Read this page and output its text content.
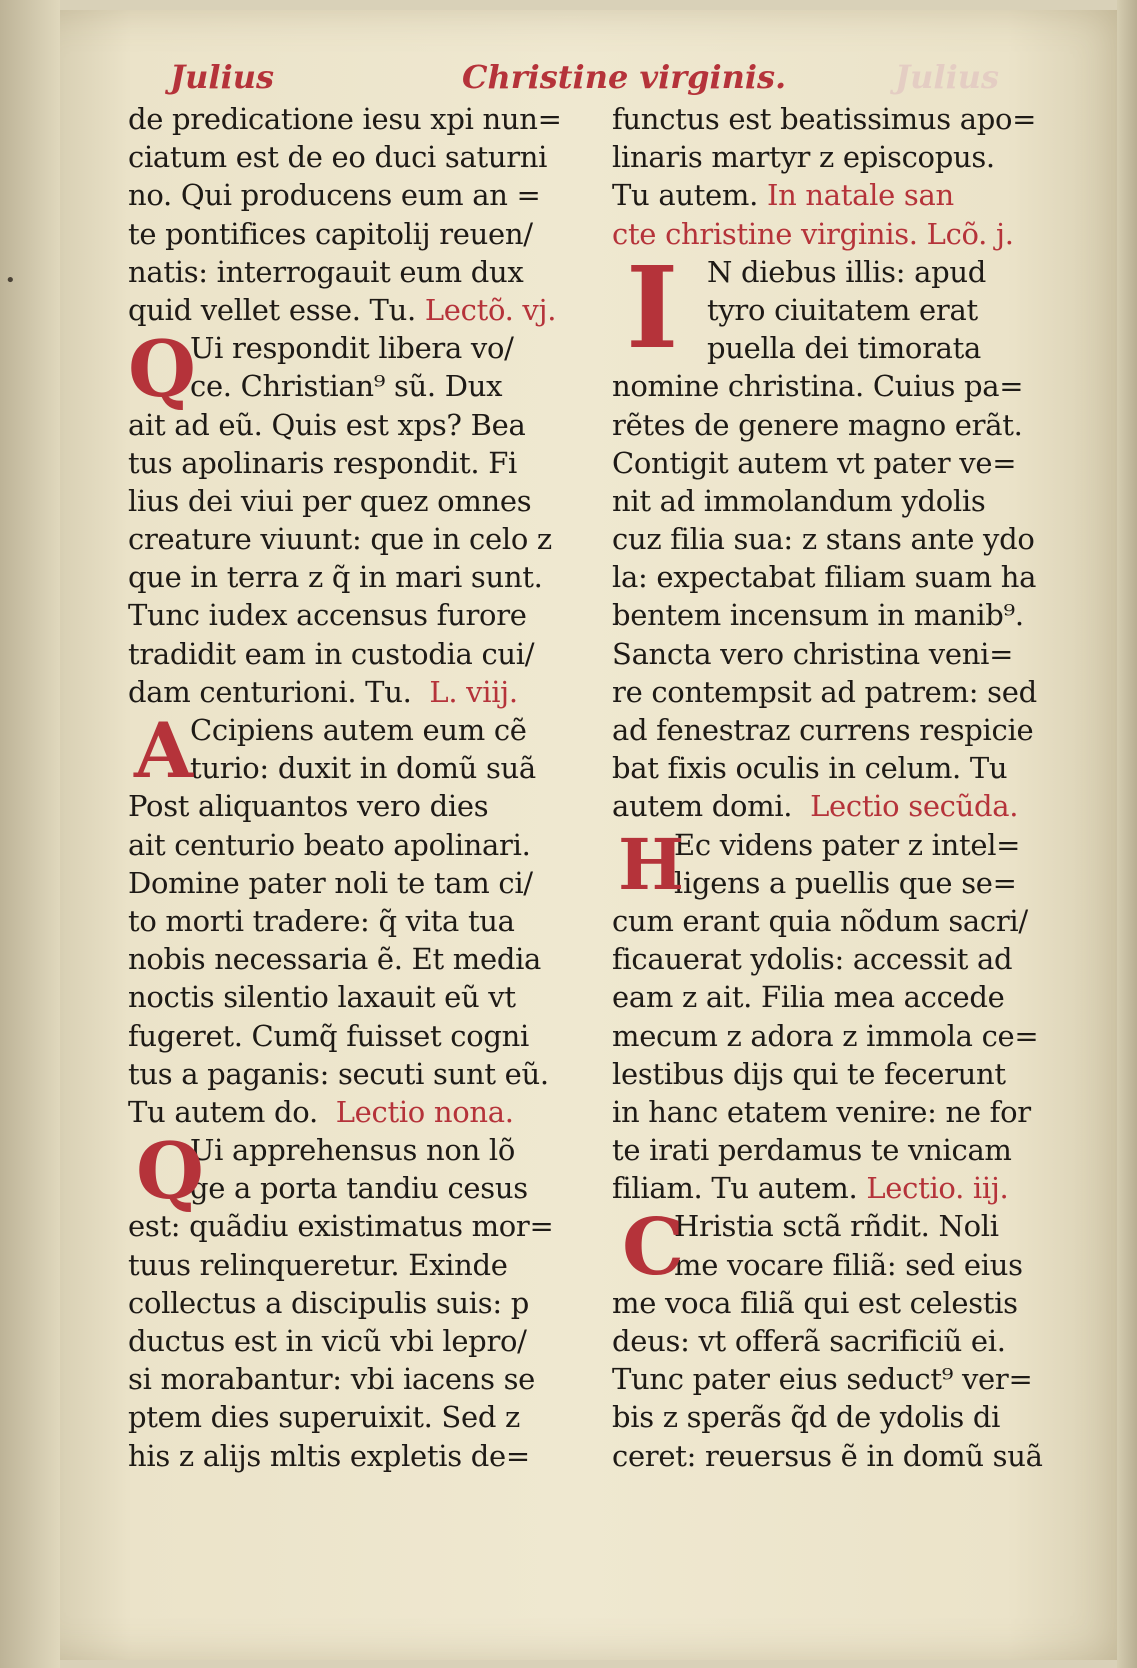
•
Julius	Christine virginis.	Julius
de predicatione iesu xpi nun=
ciatum est de eo duci saturni
no. Qui producens eum an =
te pontifices capitolij reuen/
natis: interrogauit eum dux
quid vellet esse. Tu. Lectõ. vj.
Q
Ui respondit libera vo/
ce. Christian⁹ sũ. Dux
ait ad eũ. Quis est xps? Bea
tus apolinaris respondit. Fi
lius dei viui per quez omnes
creature viuunt: que in celo z
que in terra z q̃ in mari sunt.
Tunc iudex accensus furore
tradidit eam in custodia cui/
dam centurioni. Tu. L. viij.
A
Ccipiens autem eum cẽ
turio: duxit in domũ suã
Post aliquantos vero dies
ait centurio beato apolinari.
Domine pater noli te tam ci/
to morti tradere: q̃ vita tua
nobis necessaria ẽ. Et media
noctis silentio laxauit eũ vt
fugeret. Cumq̃ fuisset cogni
tus a paganis: secuti sunt eũ.
Tu autem do. Lectio nona.
Q
Ui apprehensus non lõ
ge a porta tandiu cesus
est: quãdiu existimatus mor=
tuus relinqueretur. Exinde
collectus a discipulis suis: p
ductus est in vicũ vbi lepro/
si morabantur: vbi iacens se
ptem dies superuixit. Sed z
his z alijs mltis expletis de=
functus est beatissimus apo=
linaris martyr z episcopus.
Tu autem. In natale san
cte christine virginis. Lcõ. j.
I N diebus illis: apud
tyro ciuitatem erat
puella dei timorata
nomine christina. Cuius pa=
rẽtes de genere magno erãt.
Contigit autem vt pater ve=
nit ad immolandum ydolis
cuz filia sua: z stans ante ydo
la: expectabat filiam suam ha
bentem incensum in manib⁹.
Sancta vero christina veni=
re contempsit ad patrem: sed
ad fenestraz currens respicie
bat fixis oculis in celum. Tu
autem domi. Lectio secũda.
H
Ec videns pater z intel=
ligens a puellis que se=
cum erant quia nõdum sacri/
ficauerat ydolis: accessit ad
eam z ait. Filia mea accede
mecum z adora z immola ce=
lestibus dijs qui te fecerunt
in hanc etatem venire: ne for
te irati perdamus te vnicam
filiam. Tu autem. Lectio. iij.
C
Hristia sctã rñdit. Noli
me vocare filiã: sed eius
me voca filiã qui est celestis
deus: vt offerã sacrificiũ ei.
Tunc pater eius seduct⁹ ver=
bis z sperãs q̃d de ydolis di
ceret: reuersus ẽ in domũ suã
